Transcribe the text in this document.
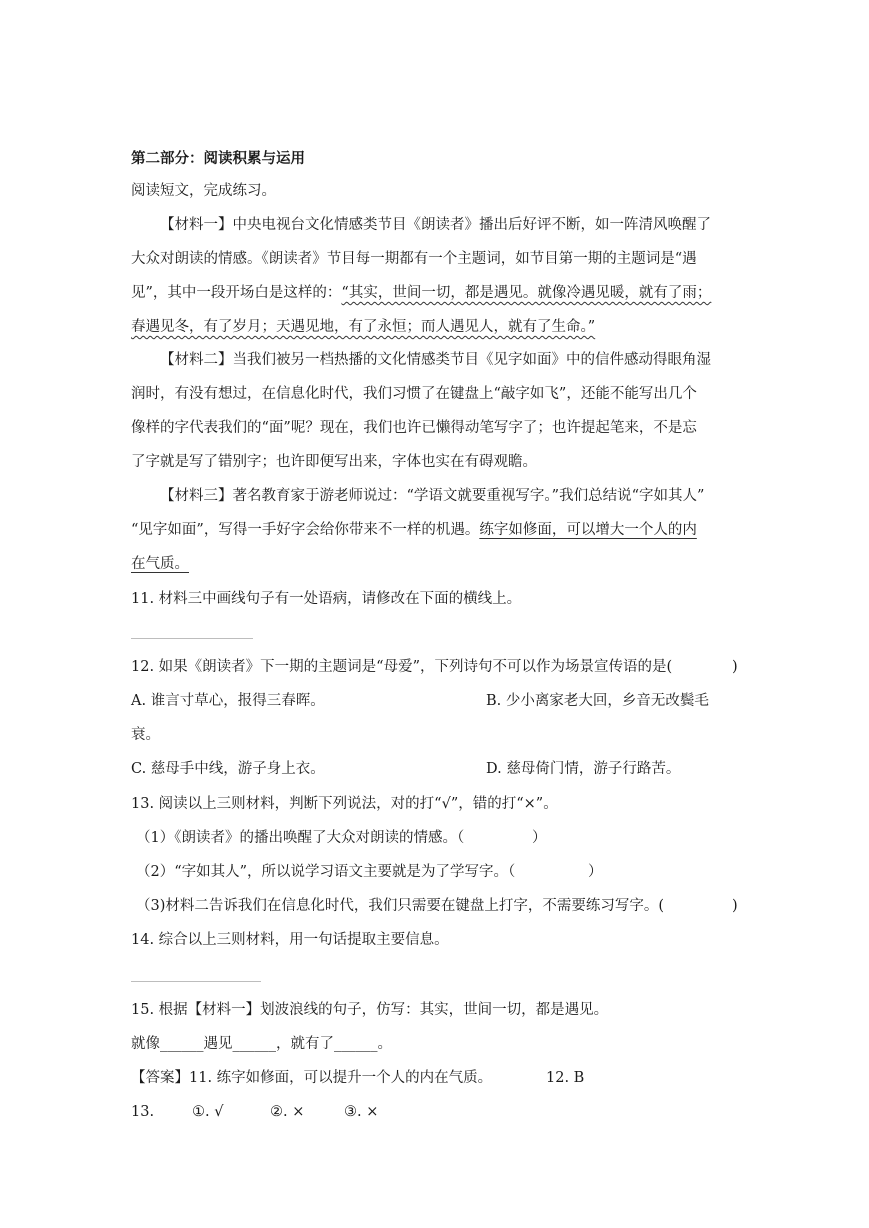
第二部分：阅读积累与运用
阅读短文，完成练习。
【材料一】中央电视台文化情感类节目《朗读者》播出后好评不断，如一阵清风唤醒了
大众对朗读的情感。《朗读者》节目每一期都有一个主题词，如节目第一期的主题词是“遇
见”，其中一段开场白是这样的：“其实，世间一切，都是遇见。就像冷遇见暖，就有了雨；
春遇见冬，有了岁月；天遇见地，有了永恒；而人遇见人，就有了生命。”
【材料二】当我们被另一档热播的文化情感类节目《见字如面》中的信件感动得眼角湿
润时，有没有想过，在信息化时代，我们习惯了在键盘上“敲字如飞”，还能不能写出几个
像样的字代表我们的“面”呢？现在，我们也许已懒得动笔写字了；也许提起笔来，不是忘
了字就是写了错别字；也许即便写出来，字体也实在有碍观瞻。
【材料三】著名教育家于游老师说过：“学语文就要重视写字。”我们总结说“字如其人”
“见字如面”，写得一手好字会给你带来不一样的机遇。练字如修面，可以增大一个人的内
在气质。
11. 材料三中画线句子有一处语病，请修改在下面的横线上。
12. 如果《朗读者》下一期的主题词是“母爱”，下列诗句不可以作为场景宣传语的是(	)
A. 谁言寸草心，报得三春晖。	B. 少小离家老大回，乡音无改鬓毛
衰。
C. 慈母手中线，游子身上衣。	D. 慈母倚门情，游子行路苦。
13. 阅读以上三则材料，判断下列说法，对的打“√”，错的打“×”。
（1）《朗读者》的播出唤醒了大众对朗读的情感。（	）
（2）“字如其人”，所以说学习语文主要就是为了学写字。（	）
（3)材料二告诉我们在信息化时代，我们只需要在键盘上打字，不需要练习写字。(	)
14. 综合以上三则材料，用一句话提取主要信息。
15. 根据【材料一】划波浪线的句子，仿写：其实，世间一切，都是遇见。
就像______遇见______，就有了______。
【答案】11. 练字如修面，可以提升一个人的内在气质。	12. B
13.	①. √	②. ×	③. ×
